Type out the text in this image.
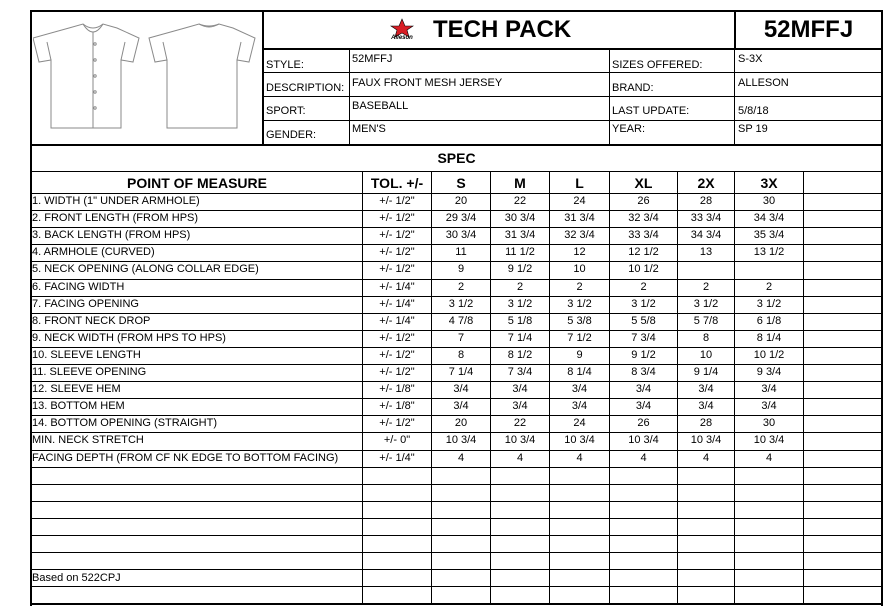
Alleson TECH PACK	52MFFJ
STYLE:	52MFFJ
DESCRIPTION: FAUX FRONT MESH JERSEY
SPORT:	BASEBALL
GENDER:	MEN'S
SIZES OFFERED:	S-3X
BRAND:	ALLESON
LAST UPDATE:	5/8/18
YEAR:	SP 19
SPEC
POINT OF MEASURE	TOL. +/-	S	M	L	XL	2X	3X
Based on 522CPJ
1. WIDTH (1" UNDER ARMHOLE)	+/- 1/2"	20	22	24	26	28	30
2. FRONT LENGTH (FROM HPS)	+/- 1/2"	29 3/4	30 3/4	31 3/4	32 3/4	33 3/4	34 3/4
3. BACK LENGTH (FROM HPS)	+/- 1/2"	30 3/4	31 3/4	32 3/4	33 3/4	34 3/4	35 3/4
4. ARMHOLE (CURVED)	+/- 1/2"	11	11 1/2	12	12 1/2	13	13 1/2
5. NECK OPENING (ALONG COLLAR EDGE)	+/- 1/2"	9	9 1/2	10	10 1/2
6. FACING WIDTH	+/- 1/4"	2	2	2	2	2	2
7. FACING OPENING	+/- 1/4"	3 1/2	3 1/2	3 1/2	3 1/2	3 1/2	3 1/2
8. FRONT NECK DROP	+/- 1/4"	4 7/8	5 1/8	5 3/8	5 5/8	5 7/8	6 1/8
9. NECK WIDTH (FROM HPS TO HPS)	+/- 1/2"	7	7 1/4	7 1/2	7 3/4	8	8 1/4
10. SLEEVE LENGTH	+/- 1/2"	8	8 1/2	9	9 1/2	10	10 1/2
11. SLEEVE OPENING	+/- 1/2"	7 1/4	7 3/4	8 1/4	8 3/4	9 1/4	9 3/4
12. SLEEVE HEM	+/- 1/8"	3/4	3/4	3/4	3/4	3/4	3/4
13. BOTTOM HEM	+/- 1/8"	3/4	3/4	3/4	3/4	3/4	3/4
14. BOTTOM OPENING (STRAIGHT)	+/- 1/2"	20	22	24	26	28	30
MIN. NECK STRETCH	+/- 0"	10 3/4	10 3/4	10 3/4	10 3/4	10 3/4	10 3/4
FACING DEPTH (FROM CF NK EDGE TO BOTTOM FACING)	+/- 1/4"	4	4	4	4	4	4
